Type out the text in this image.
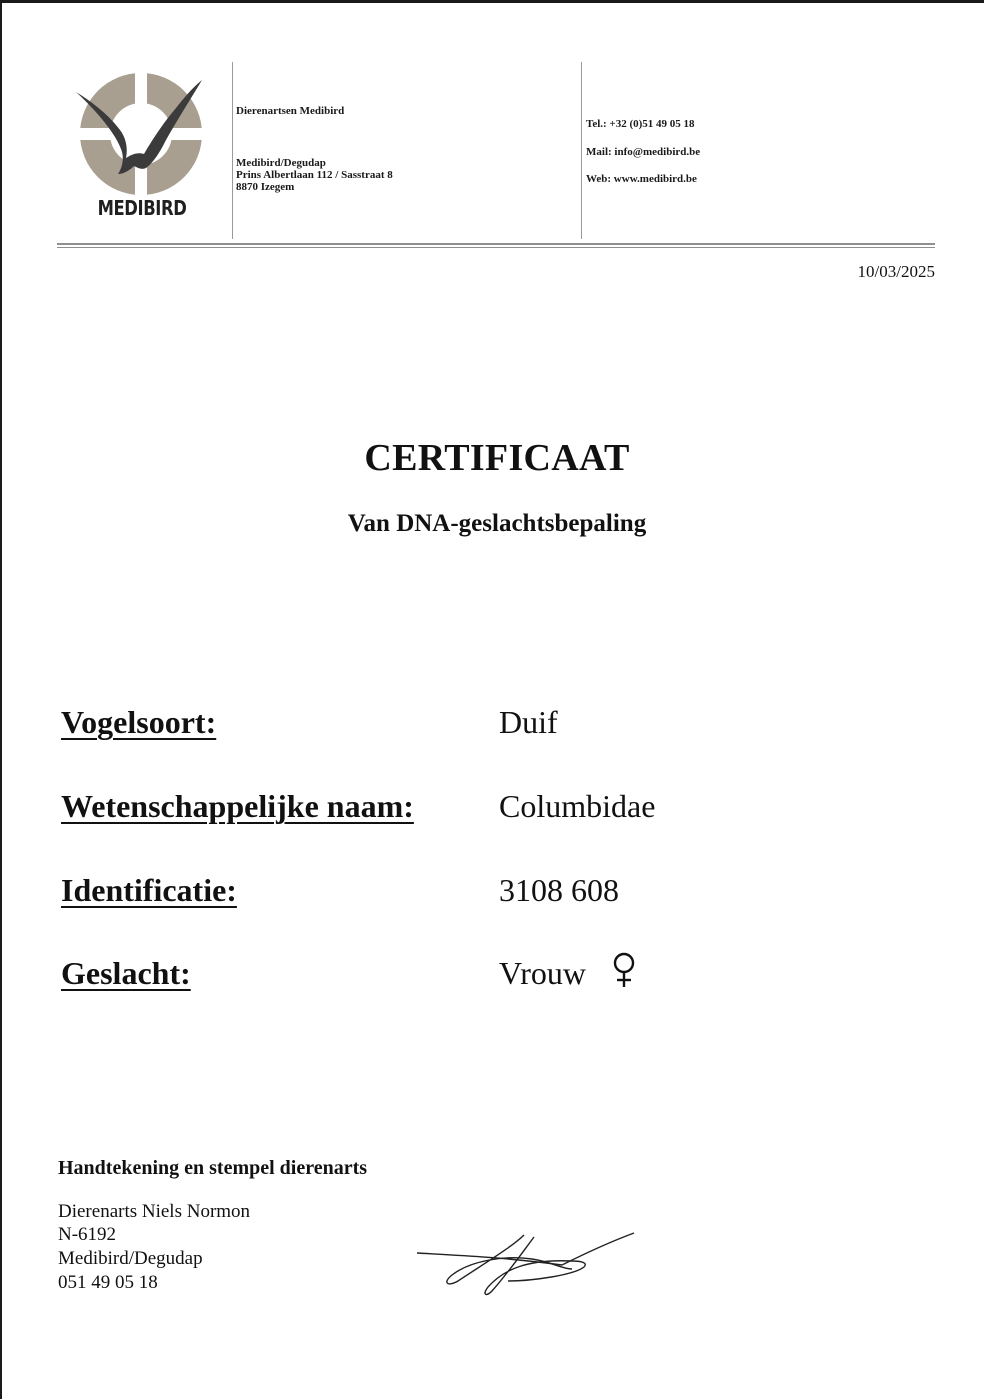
MEDIBIRD
Dierenartsen Medibird
Medibird/Degudap
Prins Albertlaan 112 / Sasstraat 8
8870 Izegem
Tel.: +32 (0)51 49 05 18
Mail: info@medibird.be
Web: www.medibird.be
10/03/2025
CERTIFICAAT
Van DNA-geslachtsbepaling
Vogelsoort:	Duif
Wetenschappelijke naam:	Columbidae
Identificatie:	3108 608
Geslacht:	Vrouw
Handtekening en stempel dierenarts
Dierenarts Niels Normon
N-6192
Medibird/Degudap
051 49 05 18
